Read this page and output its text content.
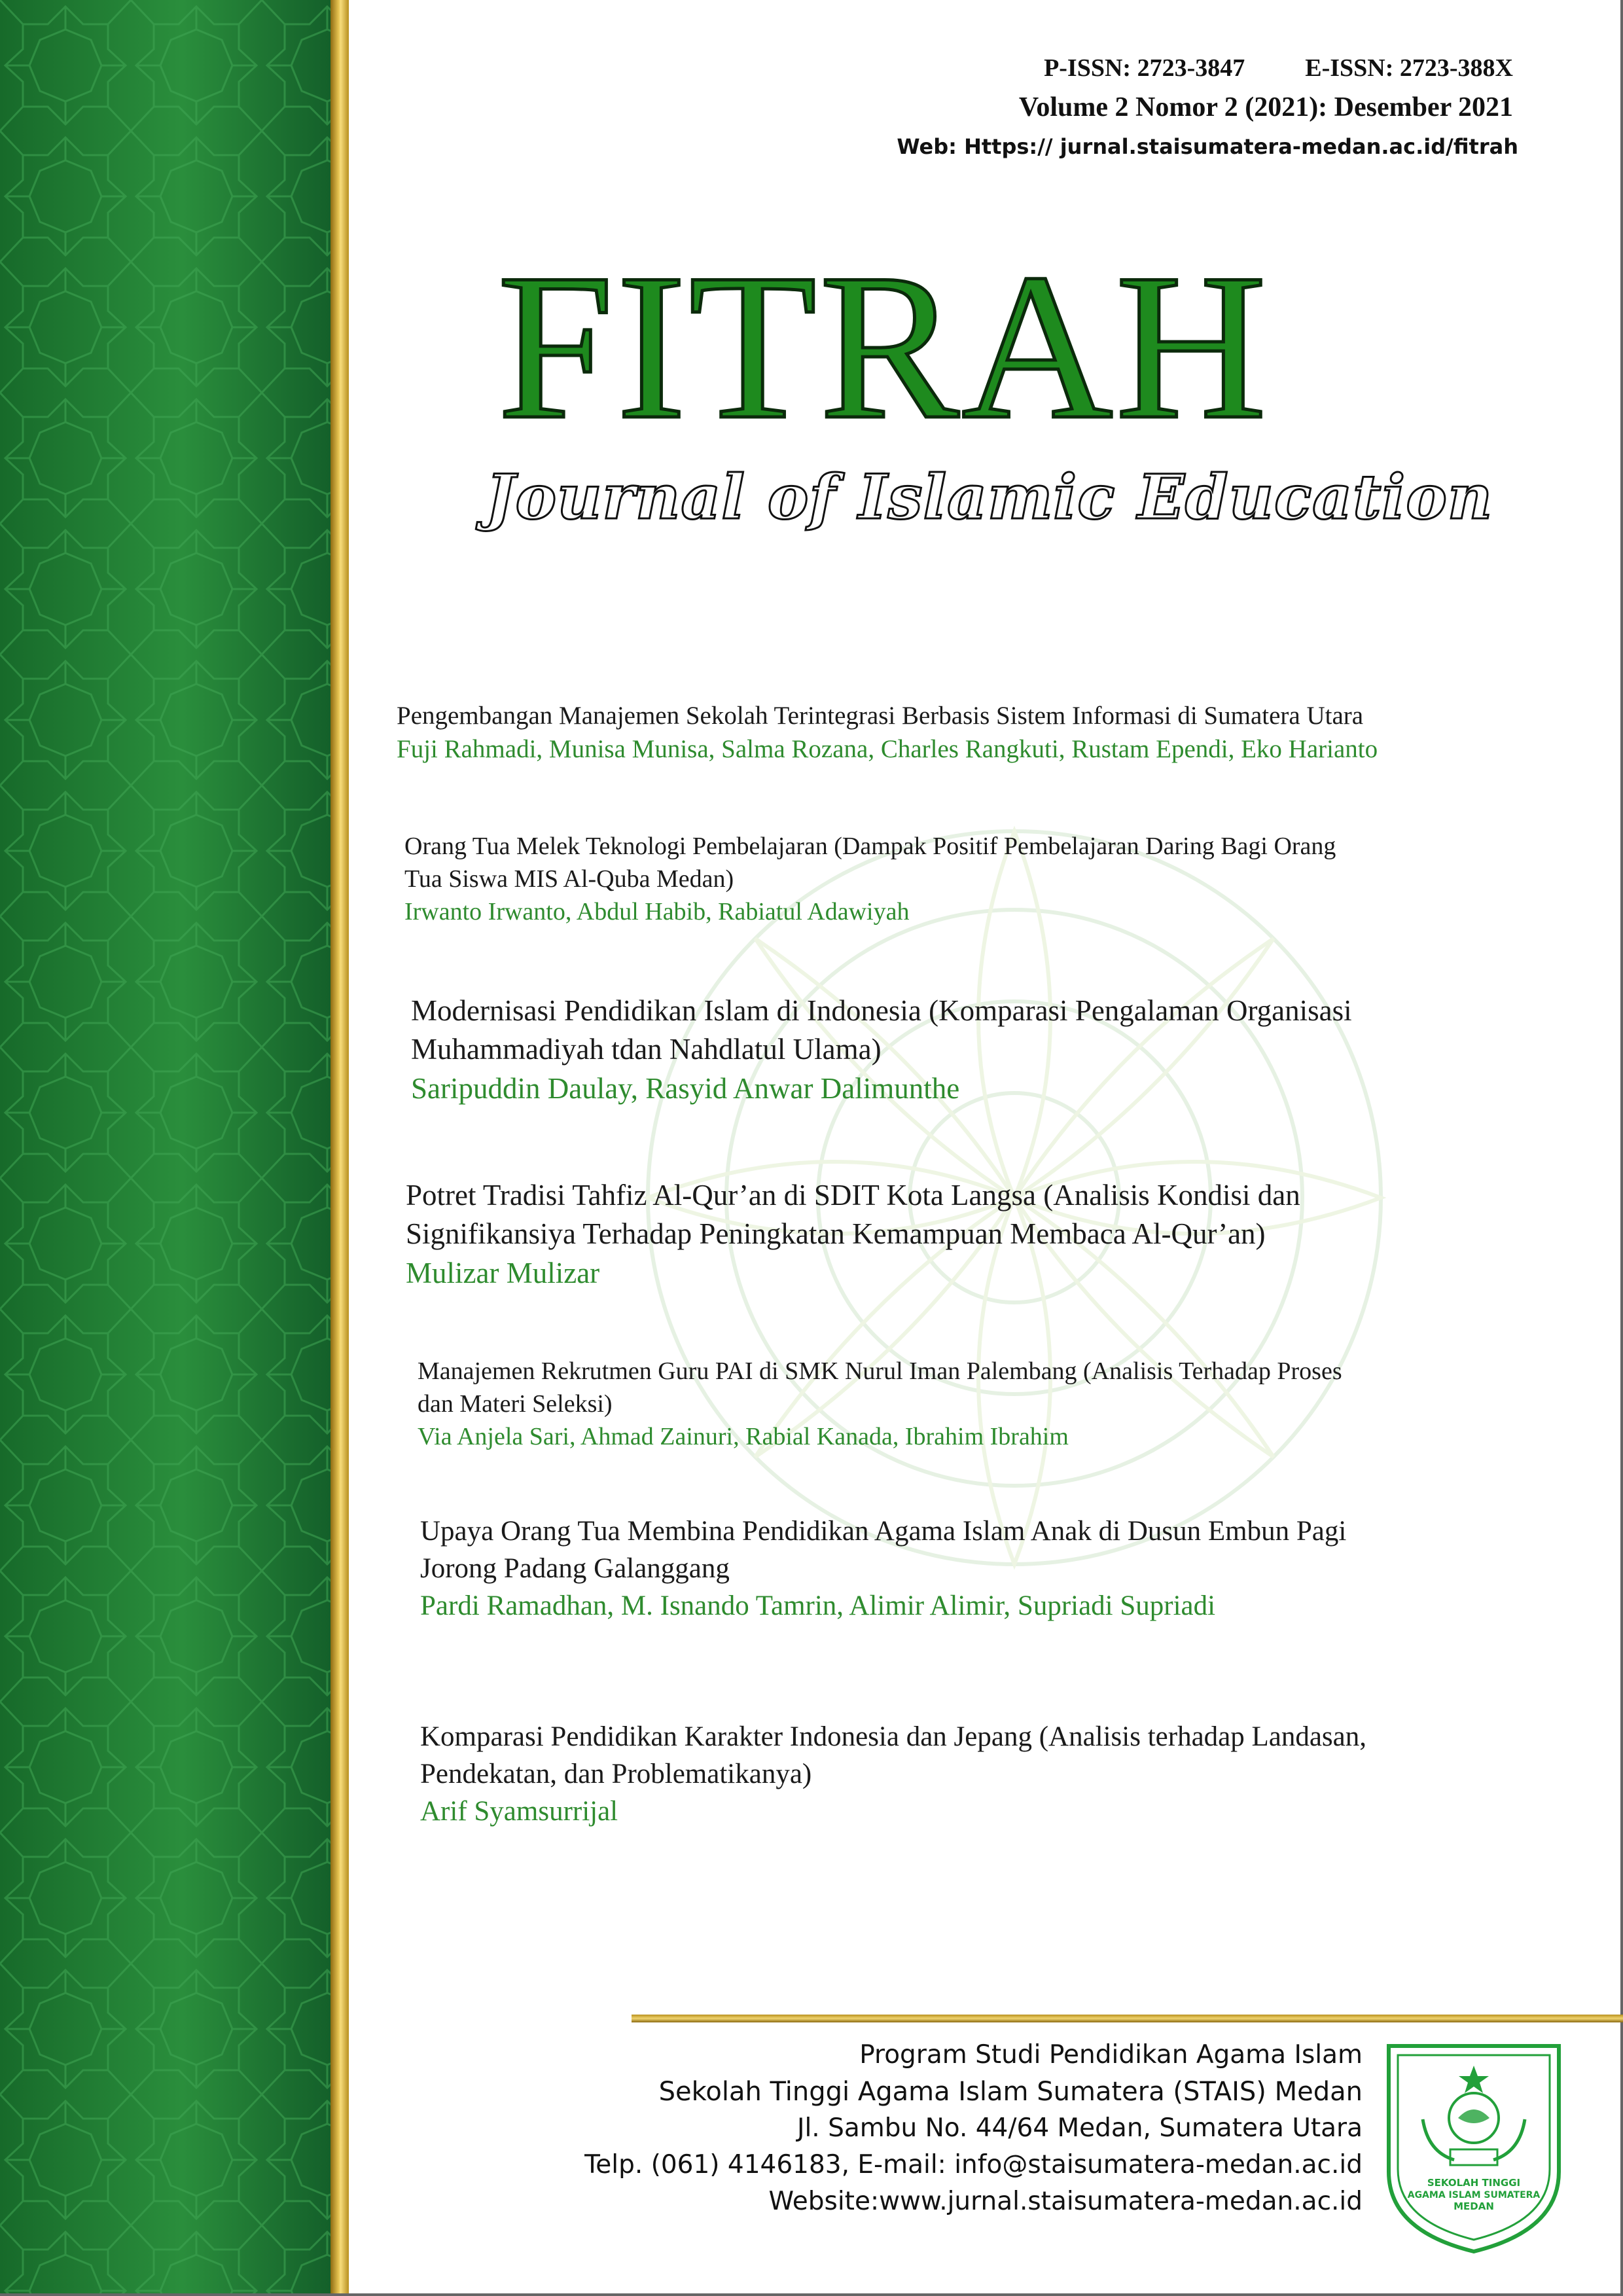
P-ISSN: 2723-3847 E-ISSN: 2723-388X
Volume 2 Nomor 2 (2021): Desember 2021
Web: Https:// jurnal.staisumatera-medan.ac.id/fitrah
FITRAH
Journal of Islamic Education
Pengembangan Manajemen Sekolah Terintegrasi Berbasis Sistem Informasi di Sumatera Utara
Fuji Rahmadi, Munisa Munisa, Salma Rozana, Charles Rangkuti, Rustam Ependi, Eko Harianto
Orang Tua Melek Teknologi Pembelajaran (Dampak Positif Pembelajaran Daring Bagi Orang
Tua Siswa MIS Al-Quba Medan)
Irwanto Irwanto, Abdul Habib, Rabiatul Adawiyah
Modernisasi Pendidikan Islam di Indonesia (Komparasi Pengalaman Organisasi
Muhammadiyah tdan Nahdlatul Ulama)
Saripuddin Daulay, Rasyid Anwar Dalimunthe
Potret Tradisi Tahfiz Al-Qur’an di SDIT Kota Langsa (Analisis Kondisi dan
Signifikansiya Terhadap Peningkatan Kemampuan Membaca Al-Qur’an)
Mulizar Mulizar
Manajemen Rekrutmen Guru PAI di SMK Nurul Iman Palembang (Analisis Terhadap Proses
dan Materi Seleksi)
Via Anjela Sari, Ahmad Zainuri, Rabial Kanada, Ibrahim Ibrahim
Upaya Orang Tua Membina Pendidikan Agama Islam Anak di Dusun Embun Pagi
Jorong Padang Galanggang
Pardi Ramadhan, M. Isnando Tamrin, Alimir Alimir, Supriadi Supriadi
Komparasi Pendidikan Karakter Indonesia dan Jepang (Analisis terhadap Landasan,
Pendekatan, dan Problematikanya)
Arif Syamsurrijal
Program Studi Pendidikan Agama Islam
Sekolah Tinggi Agama Islam Sumatera (STAIS) Medan
Jl. Sambu No. 44/64 Medan, Sumatera Utara
Telp. (061) 4146183, E-mail: info@staisumatera-medan.ac.id
Website:www.jurnal.staisumatera-medan.ac.id
SEKOLAH TINGGI
AGAMA ISLAM SUMATERA
MEDAN
